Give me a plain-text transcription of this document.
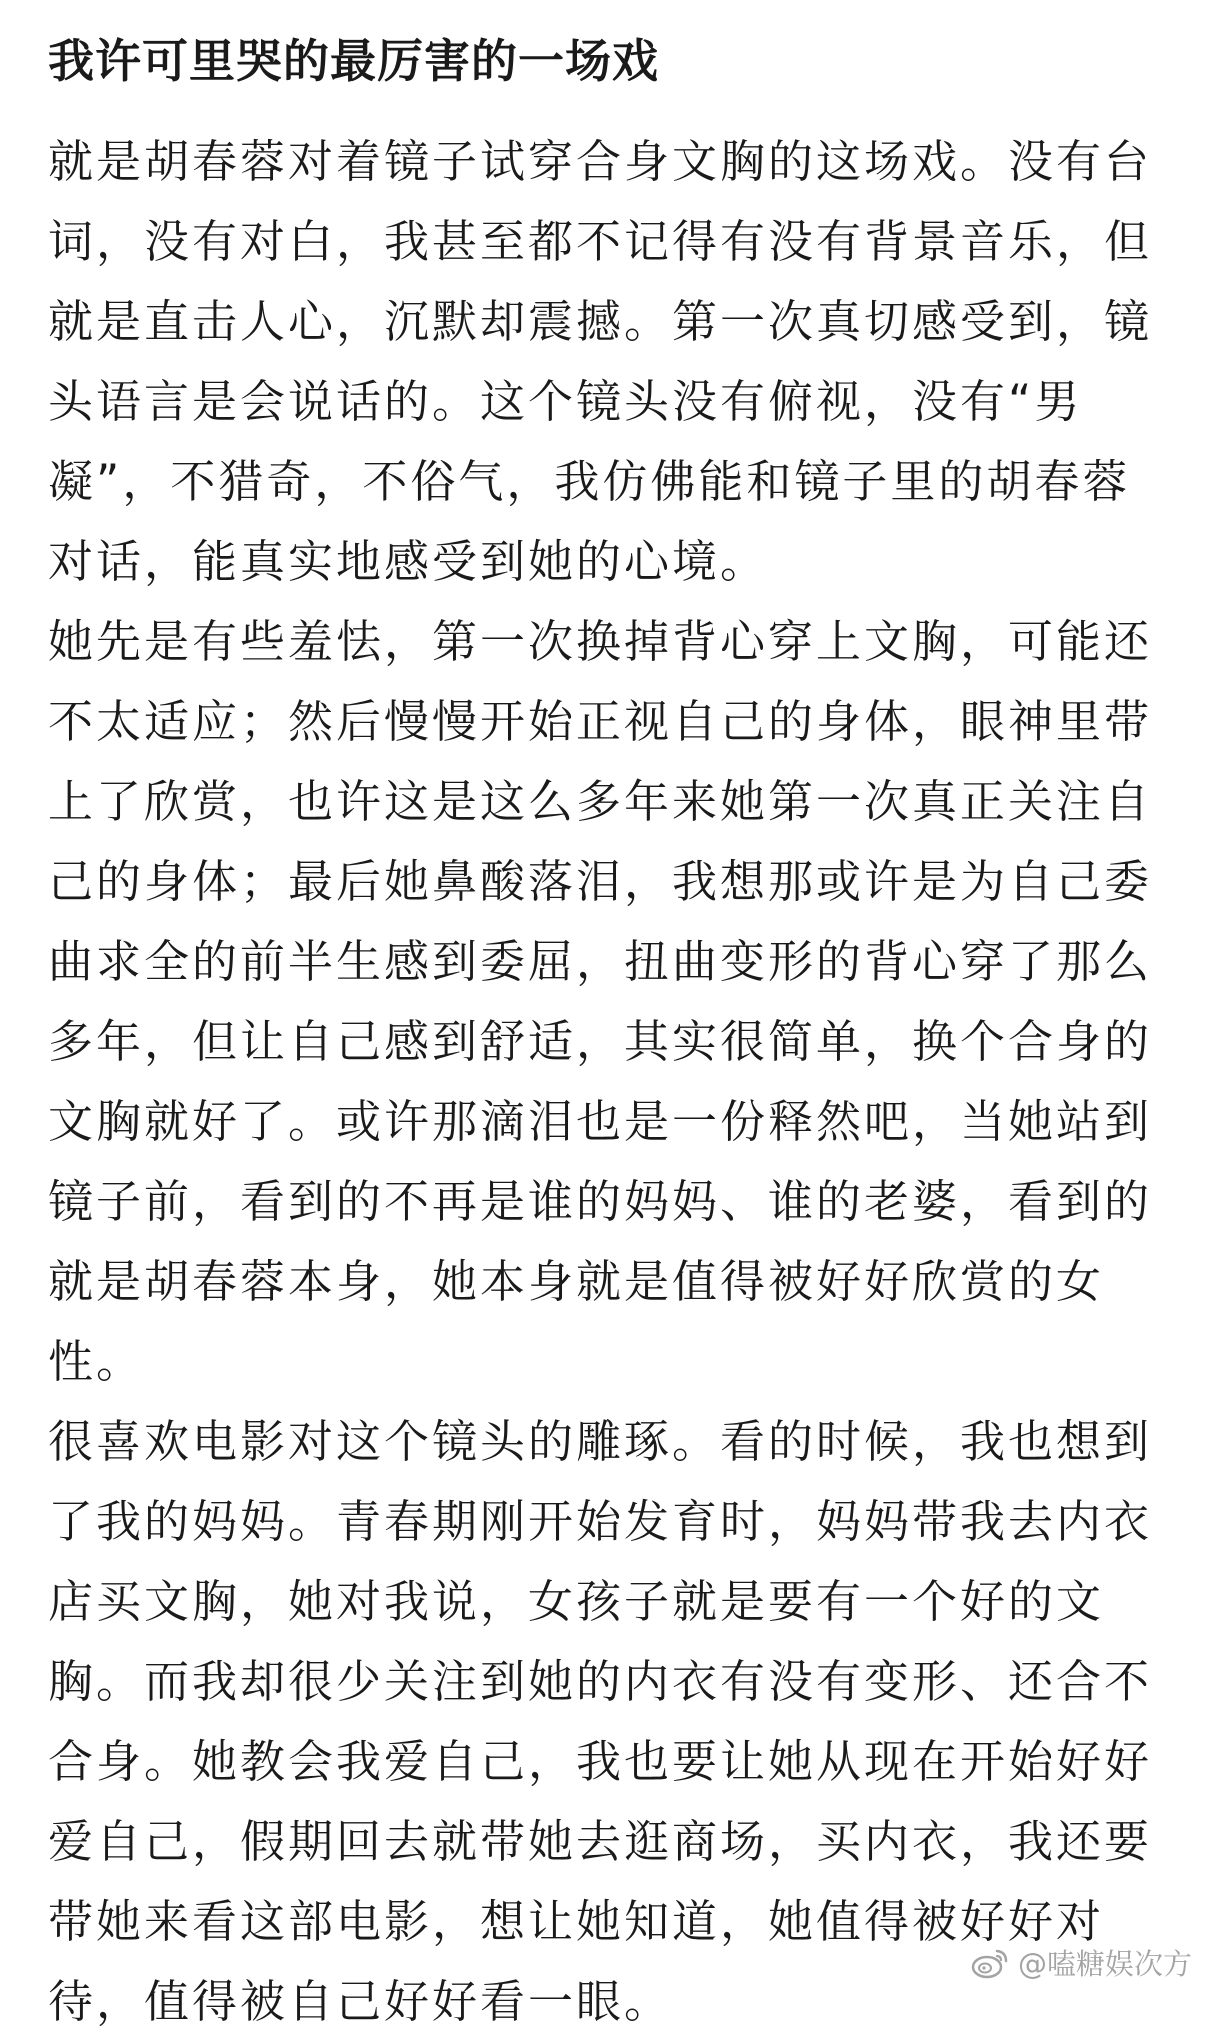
我许可里哭的最厉害的一场戏
就是胡春蓉对着镜子试穿合身文胸的这场戏。没有台
词，没有对白，我甚至都不记得有没有背景音乐，但
就是直击人心，沉默却震撼。第一次真切感受到，镜
头语言是会说话的。这个镜头没有俯视，没有“男
凝”，不猎奇，不俗气，我仿佛能和镜子里的胡春蓉
对话，能真实地感受到她的心境。
她先是有些羞怯，第一次换掉背心穿上文胸，可能还
不太适应；然后慢慢开始正视自己的身体，眼神里带
上了欣赏，也许这是这么多年来她第一次真正关注自
己的身体；最后她鼻酸落泪，我想那或许是为自己委
曲求全的前半生感到委屈，扭曲变形的背心穿了那么
多年，但让自己感到舒适，其实很简单，换个合身的
文胸就好了。或许那滴泪也是一份释然吧，当她站到
镜子前，看到的不再是谁的妈妈、谁的老婆，看到的
就是胡春蓉本身，她本身就是值得被好好欣赏的女
性。
很喜欢电影对这个镜头的雕琢。看的时候，我也想到
了我的妈妈。青春期刚开始发育时，妈妈带我去内衣
店买文胸，她对我说，女孩子就是要有一个好的文
胸。而我却很少关注到她的内衣有没有变形、还合不
合身。她教会我爱自己，我也要让她从现在开始好好
爱自己，假期回去就带她去逛商场，买内衣，我还要
带她来看这部电影，想让她知道，她值得被好好对
待，值得被自己好好看一眼。
@嗑糖娱次方
